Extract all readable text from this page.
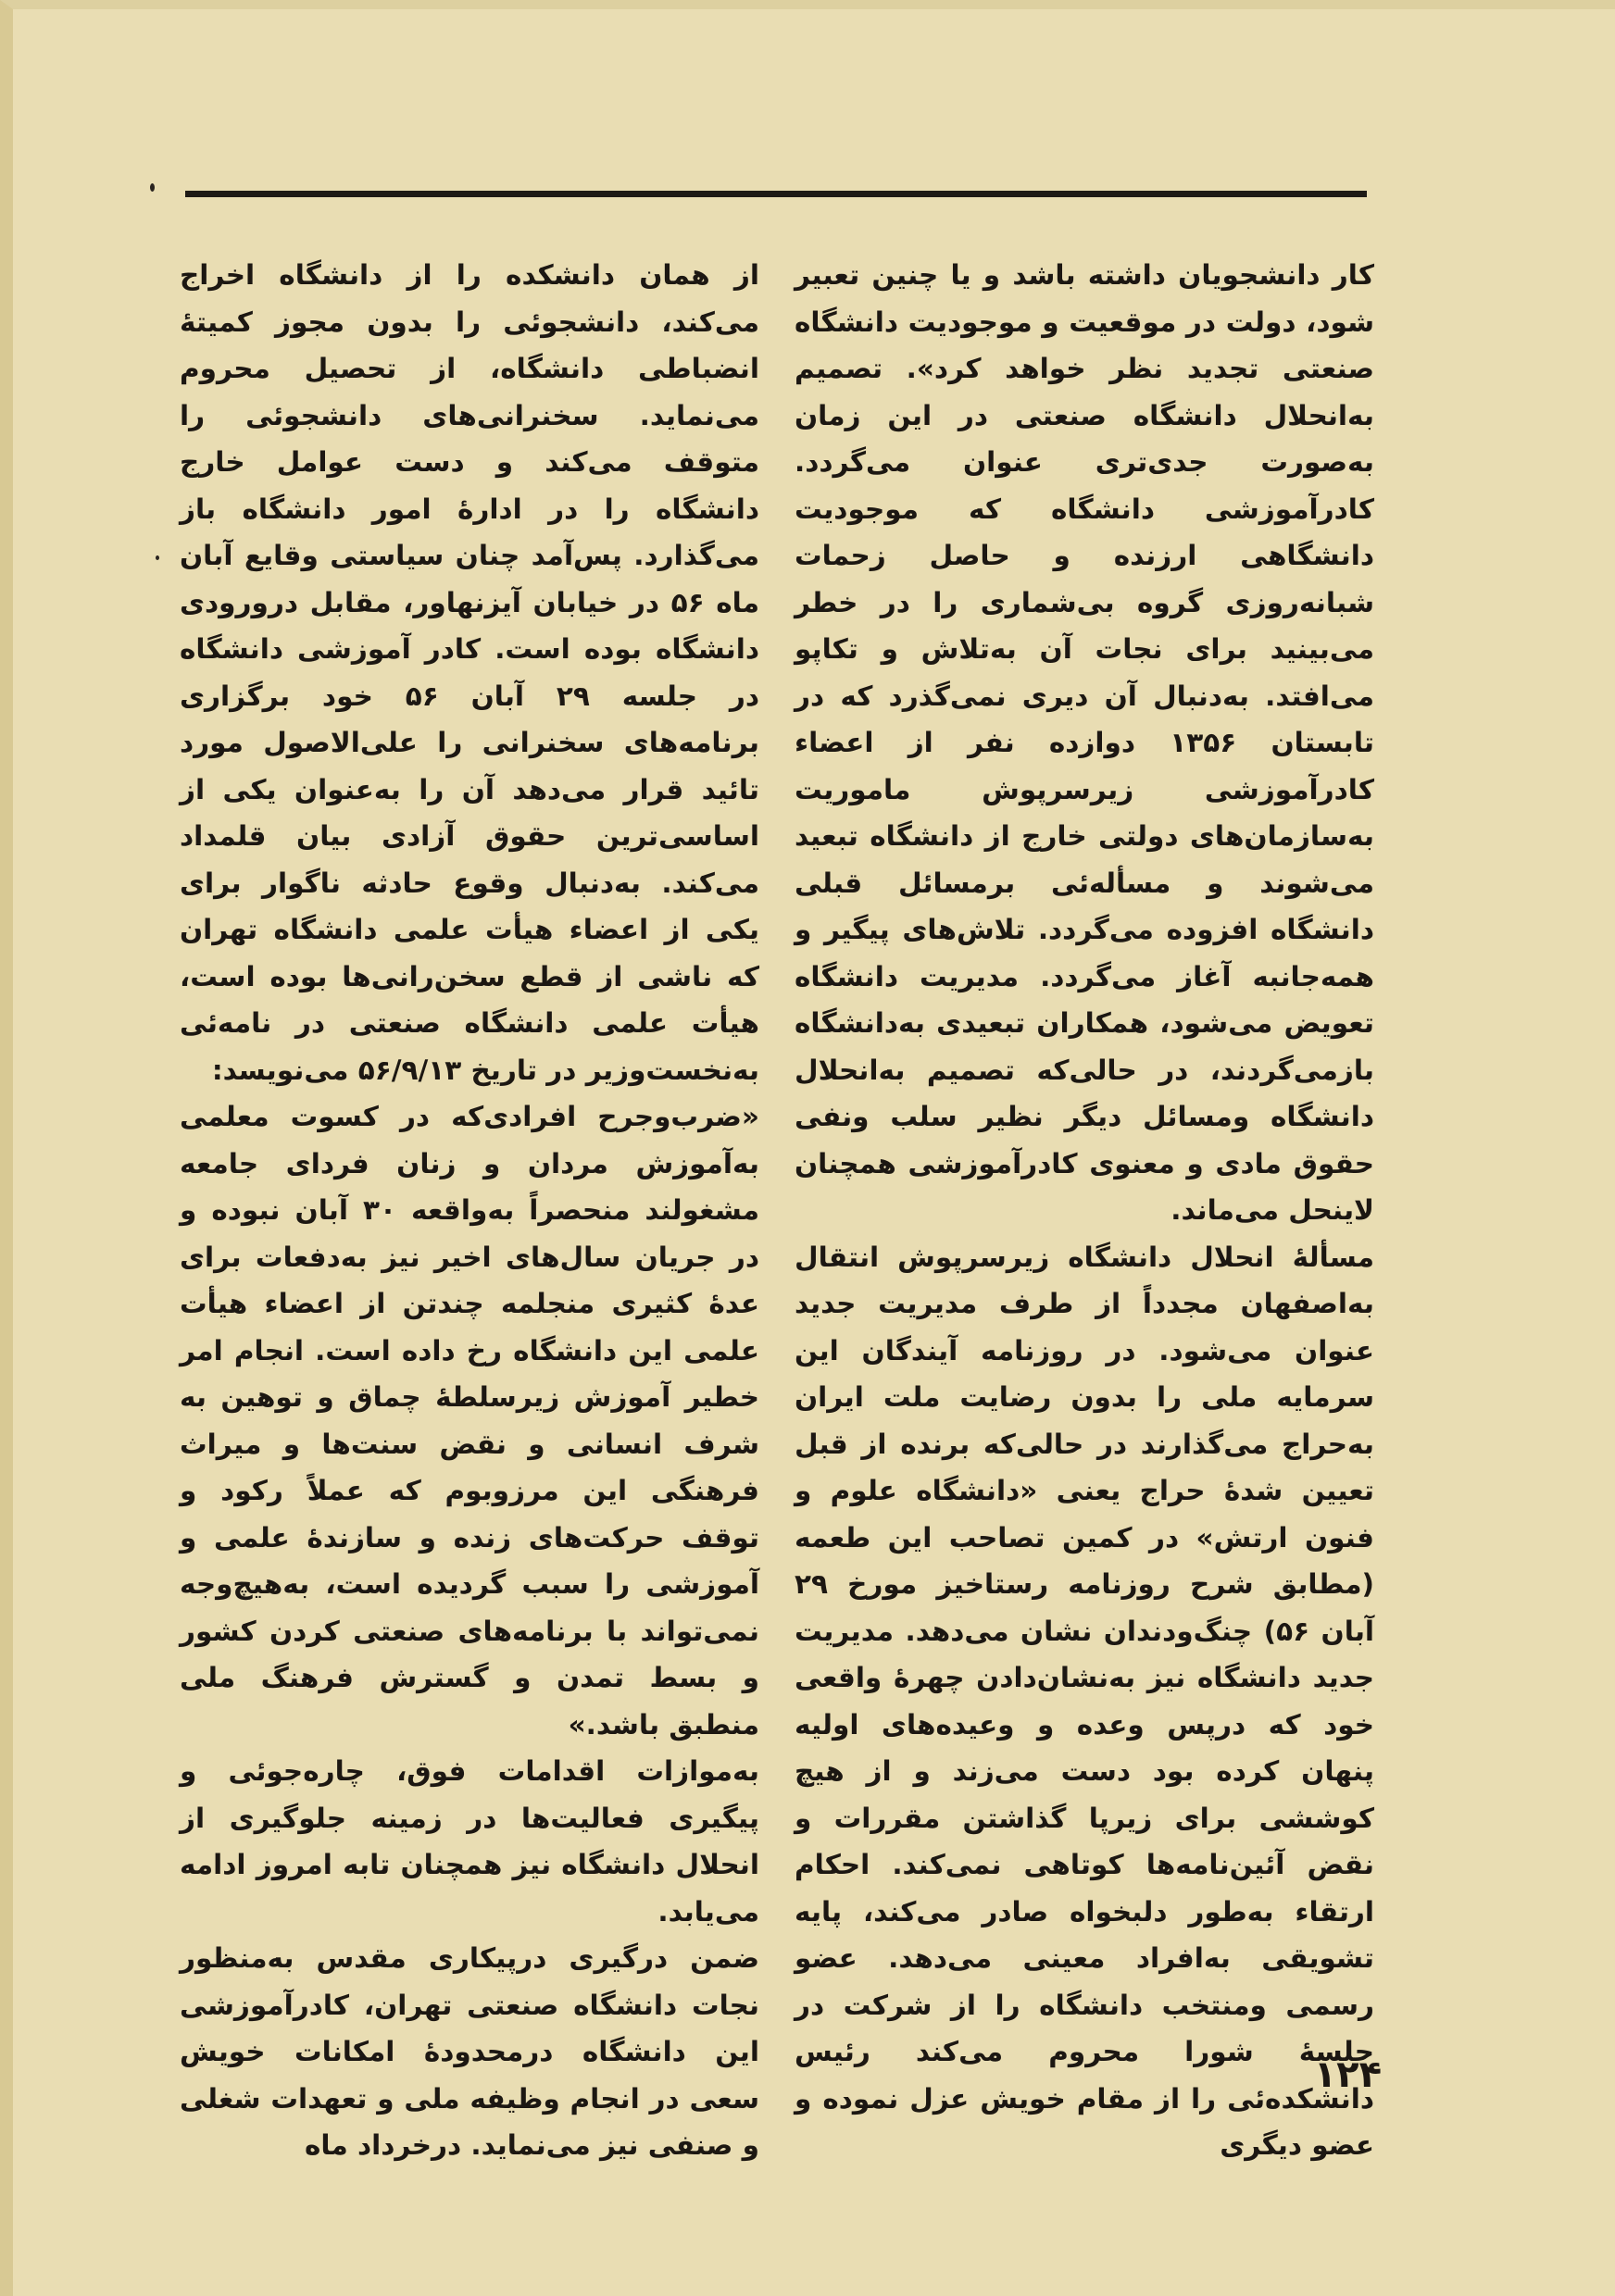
کار دانشجویان داشته باشد و یا چنین تعبیر شود، دولت در موقعیت و موجودیت دانشگاه صنعتی تجدید نظر خواهد کرد». تصمیم به‌انحلال دانشگاه صنعتی در این زمان به‌صورت جدی‌تری عنوان می‌گردد. کادرآموزشی دانشگاه که موجودیت دانشگاهی ارزنده و حاصل زحمات شبانه‌روزی گروه بی‌شماری را در خطر می‌بینید برای نجات آن به‌تلاش و تکاپو می‌افتد. به‌دنبال آن دیری نمی‌گذرد که در تابستان ۱۳۵۶ دوازده نفر از اعضاء کادرآموزشی زیرسرپوش ماموریت به‌سازمان‌های دولتی خارج از دانشگاه تبعید می‌شوند و مسأله‌ئی برمسائل قبلی دانشگاه افزوده می‌گردد. تلاش‌های پیگیر و همه‌جانبه آغاز می‌گردد. مدیریت دانشگاه تعویض می‌شود، همکاران تبعیدی به‌دانشگاه بازمی‌گردند، در حالی‌که تصمیم به‌انحلال دانشگاه ومسائل دیگر نظیر سلب ونفی حقوق مادی و معنوی کادرآموزشی همچنان لاینحل می‌ماند.

مسألهٔ انحلال دانشگاه زیرسرپوش انتقال به‌اصفهان مجدداً از طرف مدیریت جدید عنوان می‌شود. در روزنامه آیندگان این سرمایه ملی را بدون رضایت ملت ایران به‌حراج می‌گذارند در حالی‌که برنده از قبل تعیین شدهٔ حراج یعنی «دانشگاه علوم و فنون ارتش» در کمین تصاحب این طعمه (مطابق شرح روزنامه رستاخیز مورخ ۲۹ آبان ۵۶) چنگ‌ودندان نشان می‌دهد. مدیریت جدید دانشگاه نیز به‌نشان‌دادن چهرهٔ واقعی خود که درپس وعده و وعیده‌های اولیه پنهان کرده بود دست می‌زند و از هیچ کوششی برای زیرپا گذاشتن مقررات و نقض آئین‌نامه‌ها کوتاهی نمی‌کند. احکام ارتقاء به‌طور دلبخواه صادر می‌کند، پایه تشویقی به‌افراد معینی می‌دهد. عضو رسمی ومنتخب دانشگاه را از شرکت در جلسهٔ شورا محروم می‌کند رئیس دانشکده‌ئی را از مقام خویش عزل نموده و عضو دیگری

از همان دانشکده را از دانشگاه اخراج می‌کند، دانشجوئی را بدون مجوز کمیتهٔ انضباطی دانشگاه، از تحصیل محروم می‌نماید. سخنرانی‌های دانشجوئی را متوقف می‌کند و دست عوامل خارج دانشگاه را در ادارهٔ امور دانشگاه باز می‌گذارد. پس‌آمد چنان سیاستی وقایع آبان ماه ۵۶ در خیابان آیزنهاور، مقابل درورودی دانشگاه بوده است. کادر آموزشی دانشگاه در جلسه ۲۹ آبان ۵۶ خود برگزاری برنامه‌های سخنرانی را علی‌الاصول مورد تائید قرار می‌دهد آن را به‌عنوان یکی از اساسی‌ترین حقوق آزادی بیان قلمداد می‌کند. به‌دنبال وقوع حادثه ناگوار برای یکی از اعضاء هیأت علمی دانشگاه تهران که ناشی از قطع سخن‌رانی‌ها بوده است، هیأت علمی دانشگاه صنعتی در نامه‌ئی به‌نخست‌وزیر در تاریخ ۵۶/۹/۱۳ می‌نویسد:

«ضرب‌وجرح افرادی‌که در کسوت معلمی به‌آموزش مردان و زنان فردای جامعه مشغولند منحصراً به‌واقعه ۳۰ آبان نبوده و در جریان سال‌های اخیر نیز به‌دفعات برای عدهٔ کثیری منجلمه چندتن از اعضاء هیأت علمی این دانشگاه رخ داده است. انجام امر خطیر آموزش زیرسلطهٔ چماق و توهین به شرف انسانی و نقض سنت‌ها و میراث فرهنگی این مرزوبوم که عملاً رکود و توقف حرکت‌های زنده و سازندهٔ علمی و آموزشی را سبب گردیده است، به‌هیچ‌وجه نمی‌تواند با برنامه‌های صنعتی کردن کشور و بسط تمدن و گسترش فرهنگ ملی منطبق باشد.»

به‌موازات اقدامات فوق، چاره‌جوئی و پیگیری فعالیت‌ها در زمینه جلوگیری از انحلال دانشگاه نیز همچنان تابه امروز ادامه می‌یابد.

ضمن درگیری درپیکاری مقدس به‌منظور نجات دانشگاه صنعتی تهران، کادرآموزشی این دانشگاه درمحدودهٔ امکانات خویش سعی در انجام وظیفه ملی و تعهدات شغلی و صنفی نیز می‌نماید. درخرداد ماه

۱۲۴
